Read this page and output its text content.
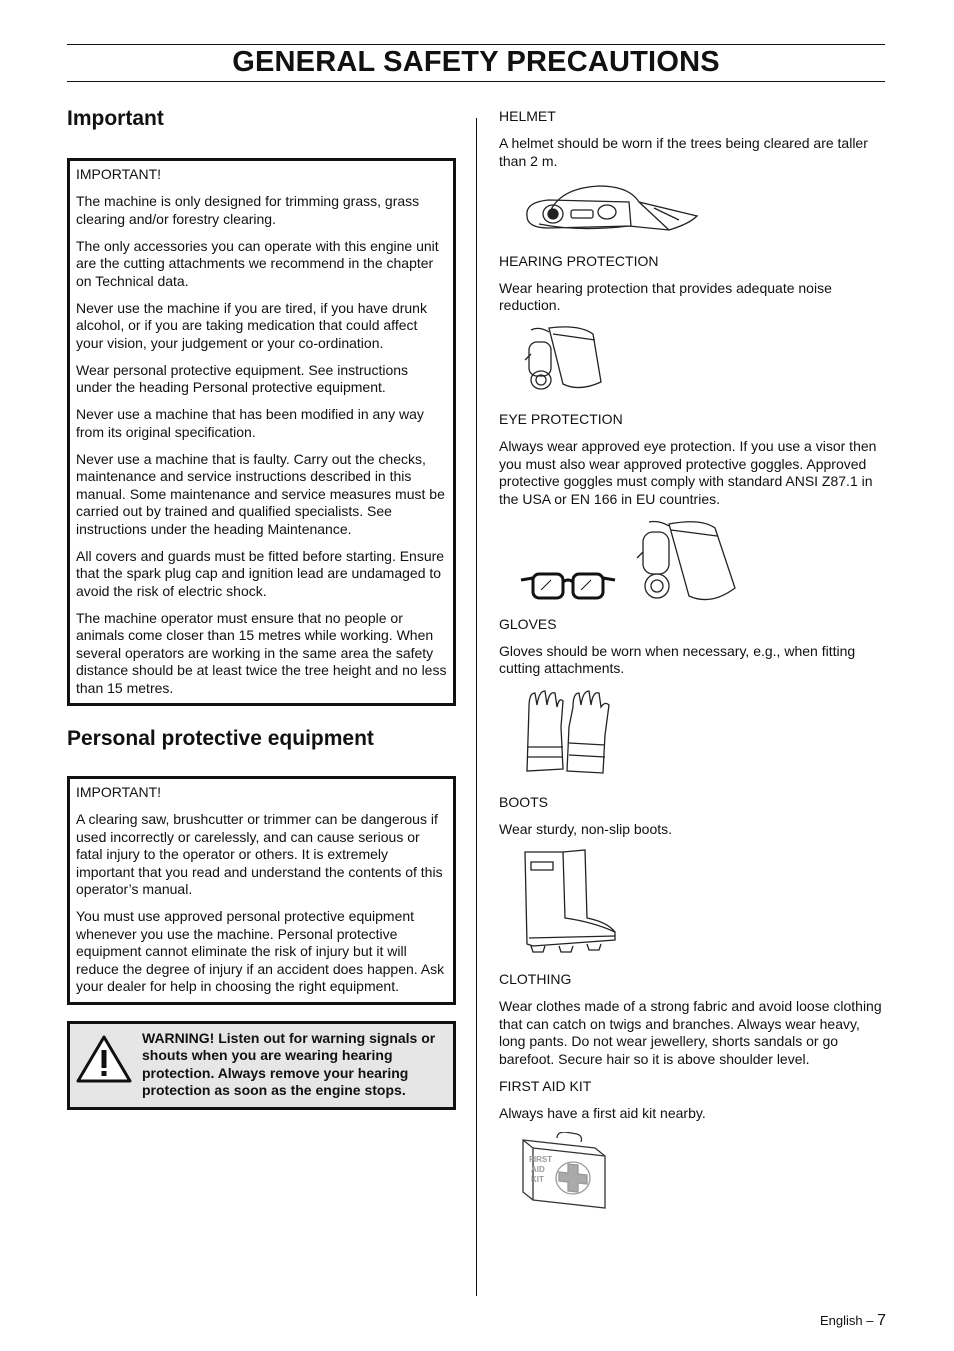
GENERAL SAFETY PRECAUTIONS
Important
IMPORTANT!

The machine is only designed for trimming grass, grass clearing and/or forestry clearing.

The only accessories you can operate with this engine unit are the cutting attachments we recommend in the chapter on Technical data.

Never use the machine if you are tired, if you have drunk alcohol, or if you are taking medication that could affect your vision, your judgement or your co-ordination.

Wear personal protective equipment. See instructions under the heading Personal protective equipment.

Never use a machine that has been modified in any way from its original specification.

Never use a machine that is faulty. Carry out the checks, maintenance and service instructions described in this manual. Some maintenance and service measures must be carried out by trained and qualified specialists. See instructions under the heading Maintenance.

All covers and guards must be fitted before starting. Ensure that the spark plug cap and ignition lead are undamaged to avoid the risk of electric shock.

The machine operator must ensure that no people or animals come closer than 15 metres while working. When several operators are working in the same area the safety distance should be at least twice the tree height and no less than 15 metres.

Personal protective equipment
IMPORTANT!

A clearing saw, brushcutter or trimmer can be dangerous if used incorrectly or carelessly, and can cause serious or fatal injury to the operator or others. It is extremely important that you read and understand the contents of this operator’s manual.

You must use approved personal protective equipment whenever you use the machine. Personal protective equipment cannot eliminate the risk of injury but it will reduce the degree of injury if an accident does happen. Ask your dealer for help in choosing the right equipment.

WARNING! Listen out for warning signals or shouts when you are wearing hearing protection. Always remove your hearing protection as soon as the engine stops.
HELMET

A helmet should be worn if the trees being cleared are taller than 2 m.

HEARING PROTECTION

Wear hearing protection that provides adequate noise reduction.

EYE PROTECTION

Always wear approved eye protection. If you use a visor then you must also wear approved protective goggles. Approved protective goggles must comply with standard ANSI Z87.1 in the USA or EN 166 in EU countries.

GLOVES

Gloves should be worn when necessary, e.g., when fitting cutting attachments.

BOOTS

Wear sturdy, non-slip boots.

CLOTHING

Wear clothes made of a strong fabric and avoid loose clothing that can catch on twigs and branches. Always wear heavy, long pants. Do not wear jewellery, shorts sandals or go barefoot. Secure hair so it is above shoulder level.

FIRST AID KIT

Always have a first aid kit nearby.

FIRST
AID
KIT
English – 7
